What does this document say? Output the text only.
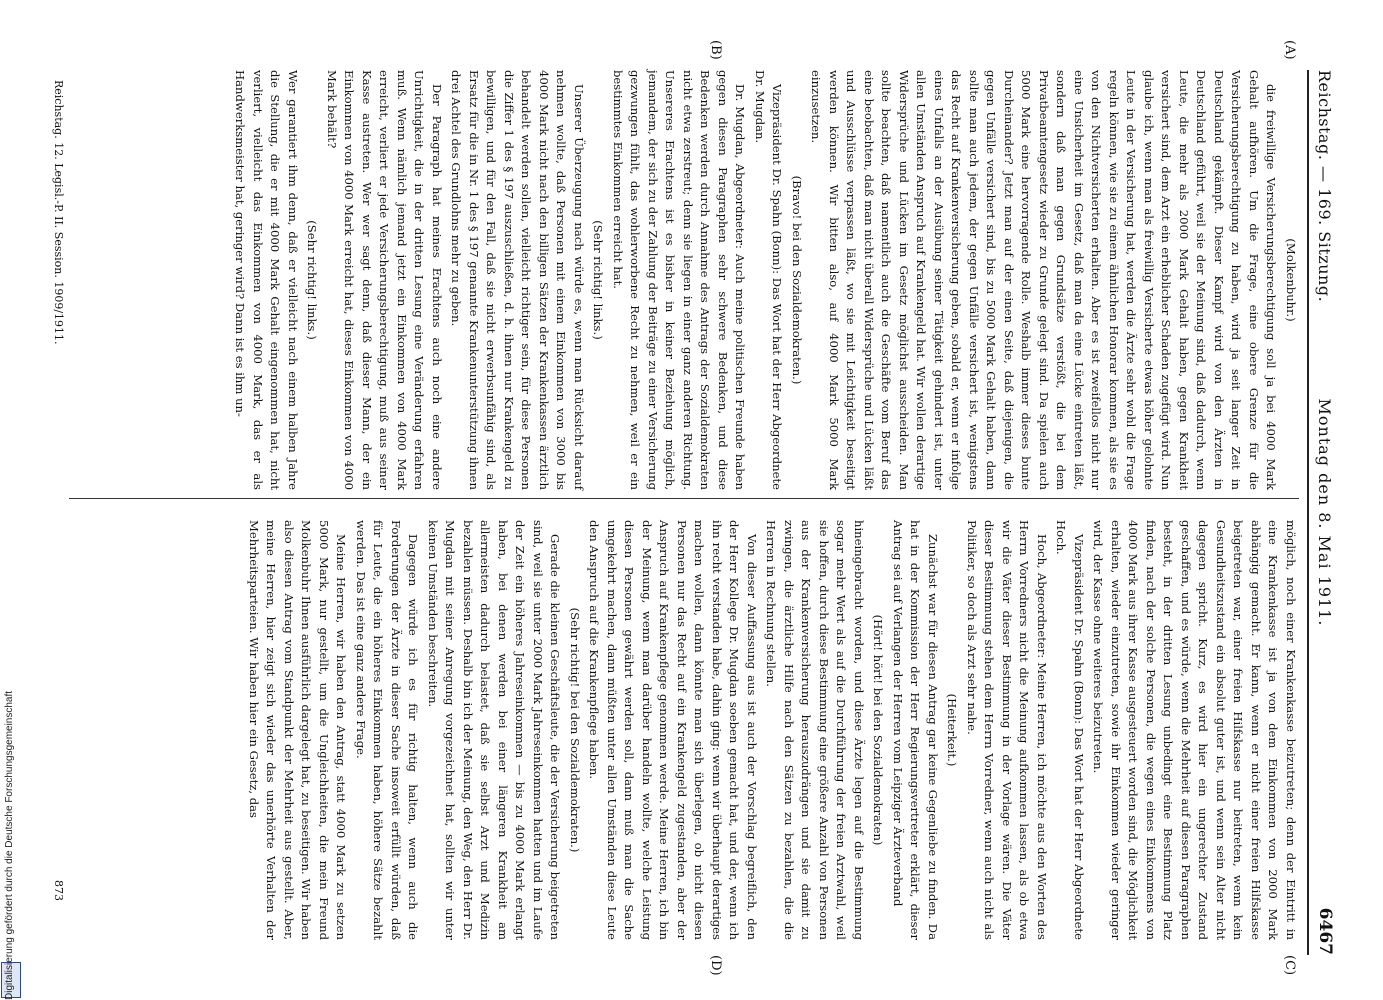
Reichstag. — 169. Sitzung.
Montag den 8. Mai 1911.
6467
(A)
(B)
(C)
(D)

(Molkenbuhr.)

die freiwillige Versicherungsberechtigung soll ja bei 4000 Mark Gehalt aufhören. Um die Frage, eine obere Grenze für die Versicherungsberechtigung zu haben, wird ja seit langer Zeit in Deutschland gekämpft. Dieser Kampf wird von den Ärzten in Deutschland geführt, weil sie der Meinung sind, daß dadurch, wenn Leute, die mehr als 2000 Mark Gehalt haben, gegen Krankheit versichert sind, dem Arzt ein erheblicher Schaden zugefügt wird. Nun glaube ich, wenn man als freiwillig Versicherte etwas höher gelohnte Leute in der Versicherung hat, werden die Ärzte sehr wohl die Frage regeln können, wie sie zu einem ähnlichen Honorar kommen, als sie es von den Nichtversicherten erhalten. Aber es ist zweifellos nicht nur eine Unsicherheit im Gesetz, daß man da eine Lücke eintreten läßt, sondern daß man gegen Grundsätze verstößt, die bei dem Privatbeamtengesetz wieder zu Grunde gelegt sind. Da spielen auch 5000 Mark eine hervorragende Rolle. Weshalb immer dieses bunte Durcheinander? Jetzt man auf der einen Seite, daß diejenigen, die gegen Unfälle versichert sind, bis zu 5000 Mark Gehalt haben, dann sollte man auch jedem, der gegen Unfälle versichert ist, wenigstens das Recht auf Krankenversicherung geben, sobald er, wenn er infolge eines Unfalls an der Ausübung seiner Tätigkeit gehindert ist, unter allen Umständen Anspruch auf Krankengeld hat. Wir wollen derartige Widersprüche und Lücken im Gesetz möglichst ausscheiden. Man sollte beachten, daß namentlich auch die Geschäfte vom Beruf das eine beobachten, daß man nicht überall Widersprüche und Lücken läßt und Ausschlüsse verpassen läßt, wo sie mit Leichtigkeit beseitigt werden können. Wir bitten also, auf 4000 Mark 5000 Mark einzusetzen.

(Bravo! bei den Sozialdemokraten.)

Vizepräsident Dr. Spahn (Bonn): Das Wort hat der Herr Abgeordnete Dr. Mugdan.

Dr. Mugdan, Abgeordneter: Auch meine politischen Freunde haben gegen diesen Paragraphen sehr schwere Bedenken, und diese Bedenken werden durch Annahme des Antrags der Sozialdemokraten nicht etwa zerstreut; denn sie liegen in einer ganz anderen Richtung. Unsereres Erachtens ist es bisher in keiner Beziehung möglich, jemandem, der sich zu der Zahlung der Beiträge zu einer Versicherung gezwungen fühlt, das wohlerworbene Recht zu nehmen, weil er ein bestimmtes Einkommen erreicht hat.

(Sehr richtig! links.)

Unserer Überzeugung nach würde es, wenn man Rücksicht darauf nehmen wollte, daß Personen mit einem Einkommen von 3000 bis 4000 Mark nicht nach den billigen Sätzen der Krankenkassen ärztlich behandelt werden sollen, vielleicht richtiger sein, für diese Personen die Ziffer 1 des § 197 auszuschließen, d. h. ihnen nur Krankengeld zu bewilligen, und für den Fall, daß sie nicht erwerbsunfähig sind, als Ersatz für die in Nr. 1 des § 197 genannte Krankenunterstützung ihnen drei Achtel des Grundlohns mehr zu geben.

Der Paragraph hat meines Erachtens auch noch eine andere Unrichtigkeit, die in der dritten Lesung eine Veränderung erfahren muß. Wenn nämlich jemand jetzt ein Einkommen von 4000 Mark erreicht, verliert er jede Versicherungsberechtigung, muß aus seiner Kasse austreten. Wer wer sagt denn, daß dieser Mann, der ein Einkommen von 4000 Mark erreicht hat, dieses Einkommen von 4000 Mark behält?

(Sehr richtig! links.)

Wer garantiert ihm denn, daß er vielleicht nach einem halben Jahre die Stellung, die er mit 4000 Mark Gehalt eingenommen hat, nicht verliert, vielleicht das Einkommen von 4000 Mark, das er als Handwerksmeister hat, geringer wird? Dann ist es ihm un-

möglich, noch einer Krankenkasse beizutreten; denn der Eintritt in eine Krankenkasse ist ja von dem Einkommen von 2000 Mark abhängig gemacht. Er kann, wenn er nicht einer freien Hilfskasse beigetreten war, einer freien Hilfskasse nur beitreten, wenn kein Gesundheitszustand ein absolut guter ist, und wenn sein Alter nicht dagegen spricht. Kurz, es wird hier ein ungerechter Zustand geschaffen, und es würde, wenn die Mehrheit auf diesen Paragraphen besteht, in der dritten Lesung unbedingt eine Bestimmung Platz finden, nach der solche Personen, die wegen eines Einkommens von 4000 Mark aus ihrer Kasse ausgesteuert worden sind, die Möglichkeit erhalten, wieder einzutreten, sowie ihr Einkommen wieder geringer wird, der Kasse ohne weiteres beizutreten.

Vizepräsident Dr. Spahn (Bonn): Das Wort hat der Herr Abgeordnete Hoch.

Hoch, Abgeordneter: Meine Herren, ich möchte aus den Worten des Herrn Vorredners nicht die Meinung aufkommen lassen, als ob etwa wir die Väter dieser Bestimmung in der Vorlage wären. Die Väter dieser Bestimmung stehen dem Herrn Vorredner, wenn auch nicht als Politiker, so doch als Arzt sehr nahe.

(Heiterkeit.)

Zunächst war für diesen Antrag gar keine Gegenliebe zu finden. Da hat in der Kommission der Herr Regierungsvertreter erklärt, dieser Antrag sei auf Verlangen der Herren vom Leipziger Ärzteverband

(Hört! hört! bei den Sozialdemokraten)

hineingebracht worden, und diese Ärzte legen auf die Bestimmung sogar mehr Wert als auf die Durchführung der freien Arztwahl, weil sie hoffen, durch diese Bestimmung eine größere Anzahl von Personen aus der Krankenversicherung herauszudrängen und sie damit zu zwingen, die ärztliche Hilfe nach den Sätzen zu bezahlen, die die Herren in Rechnung stellen.

Von dieser Auffassung aus ist auch der Vorschlag begreiflich, den der Herr Kollege Dr. Mugdan soeben gemacht hat, und der, wenn ich ihn recht verstanden habe, dahin ging: wenn wir überhaupt derartiges machen wollen, dann könnte man sich überlegen, ob nicht diesen Personen nur das Recht auf ein Krankengeld zugestanden, aber der Anspruch auf Krankenpflege genommen werde. Meine Herren, ich bin der Meinung, wenn man darüber handeln wollte, welche Leistung diesen Personen gewährt werden soll, dann muß man die Sache umgekehrt machen, dann müßten unter allen Umständen diese Leute den Anspruch auf die Krankenpflege haben.

(Sehr richtig! bei den Sozialdemokraten.)

Gerade die kleinen Geschäftsleute, die der Versicherung beigetreten sind, weil sie unter 2000 Mark Jahreseinkommen hatten und im Laufe der Zeit ein höheres Jahreseinkommen — bis zu 4000 Mark erlangt haben, bei denen werden bei einer längeren Krankheit am allermeisten dadurch belastet, daß sie selbst Arzt und Medizin bezahlen müssen. Deshalb bin ich der Meinung, den Weg, den Herr Dr. Mugdan mit seiner Anregung vorgezeichnet hat, sollten wir unter keinen Umständen beschreiten.

Dagegen würde ich es für richtig halten, wenn auch die Forderungen der Ärzte in dieser Sache insoweit erfüllt würden, daß für Leute, die ein höheres Einkommen haben, höhere Sätze bezahlt werden. Das ist eine ganz andere Frage.

Meine Herren, wir haben den Antrag, statt 4000 Mark zu setzen 5000 Mark, nur gestellt, um die Ungleichheiten, die mein Freund Molkenbuhr Ihnen ausführlich dargelegt hat, zu beseitigen. Wir haben also diesen Antrag vom Standpunkt der Mehrheit aus gestellt. Aber, meine Herren, hier zeigt sich wieder das unerhörte Verhalten der Mehrheitsparteien. Wir haben hier ein Gesetz, das

Reichstag. 12. Legisl.-P. II. Session. 1909/1911.
873
Digitalisierung gefördert durch die Deutsche Forschungsgemeinschaft
